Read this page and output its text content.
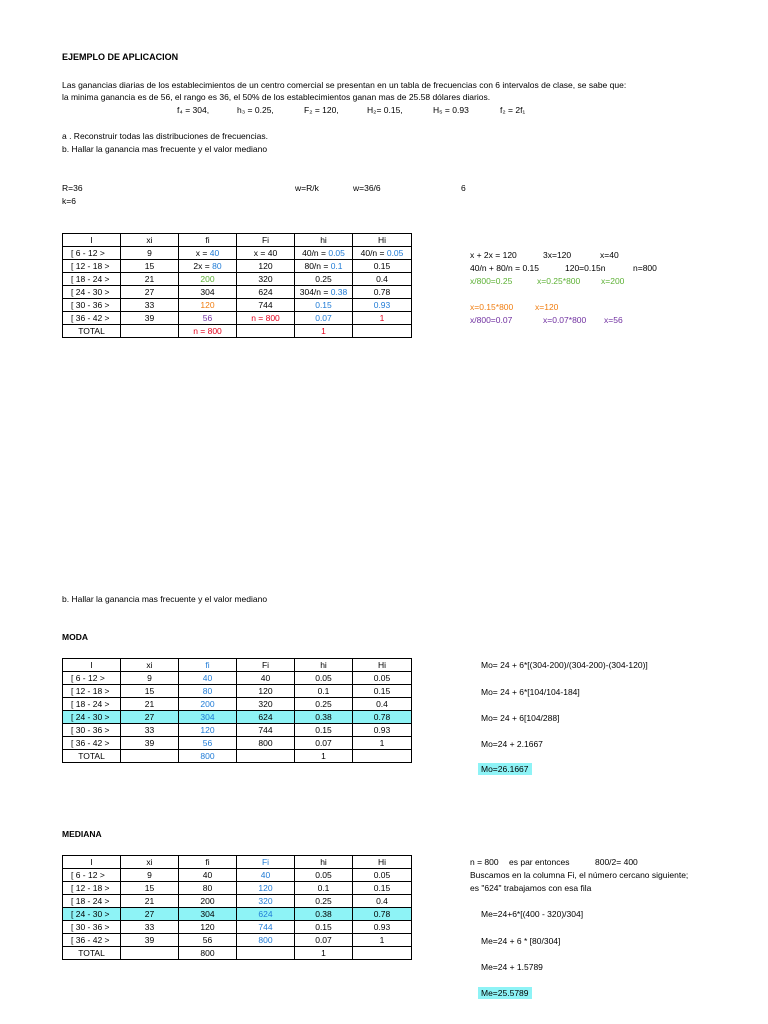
EJEMPLO DE APLICACION
Las ganancias diarias de los establecimientos de un centro comercial se presentan en un tabla de frecuencias con 6 intervalos de clase, se sabe que:
la minima ganancia es de 56, el rango es 36, el 50% de los establecimientos ganan mas de 25.58 dólares diarios.
f₄ = 304,	h₃ = 0.25,	F₂ = 120,	H₂= 0.15,	H₅ = 0.93	f₂ = 2f₁
a . Reconstruir todas las distribuciones de frecuencias.
b. Hallar la ganancia mas frecuente y el valor mediano
R=36
k=6
w=R/k	w=36/6	6
I	xi	fi	Fi	hi	Hi
[ 6 - 12 >	9	x = 40	x = 40	40/n = 0.05	40/n = 0.05
[ 12 - 18 >	15	2x = 80	120	80/n = 0.1	0.15
[ 18 - 24 >	21	200	320	0.25	0.4
[ 24 - 30 >	27	304	624	304/n = 0.38	0.78
[ 30 - 36 >	33	120	744	0.15	0.93
[ 36 - 42 >	39	56	n = 800	0.07	1
TOTAL		n = 800		1	
x + 2x = 120	3x=120	x=40
40/n + 80/n = 0.15	120=0.15n	n=800
x/800=0.25	x=0.25*800 x=200
x=0.15*800	x=120
x/800=0.07	x=0.07*800 x=56
b. Hallar la ganancia mas frecuente y el valor mediano
MODA
I	xi	fi	Fi	hi	Hi
[ 6 - 12 >	9	40	40	0.05	0.05
[ 12 - 18 >	15	80	120	0.1	0.15
[ 18 - 24 >	21	200	320	0.25	0.4
[ 24 - 30 >	27	304	624	0.38	0.78
[ 30 - 36 >	33	120	744	0.15	0.93
[ 36 - 42 >	39	56	800	0.07	1
TOTAL		800		1	
Mo= 24 + 6*[(304-200)/(304-200)-(304-120)]
Mo= 24 + 6*[104/104-184]
Mo= 24 + 6[104/288]
Mo=24 + 2.1667
Mo=26.1667
MEDIANA
I	xi	fi	Fi	hi	Hi
[ 6 - 12 >	9	40	40	0.05	0.05
[ 12 - 18 >	15	80	120	0.1	0.15
[ 18 - 24 >	21	200	320	0.25	0.4
[ 24 - 30 >	27	304	624	0.38	0.78
[ 30 - 36 >	33	120	744	0.15	0.93
[ 36 - 42 >	39	56	800	0.07	1
TOTAL		800		1	
n = 800 es par entonces	800/2= 400
Buscamos en la columna Fi, el número cercano siguiente;
es "624" trabajamos con esa fila
Me=24+6*[(400 - 320)/304]
Me=24 + 6 * [80/304]
Me=24 + 1.5789
Me=25.5789
